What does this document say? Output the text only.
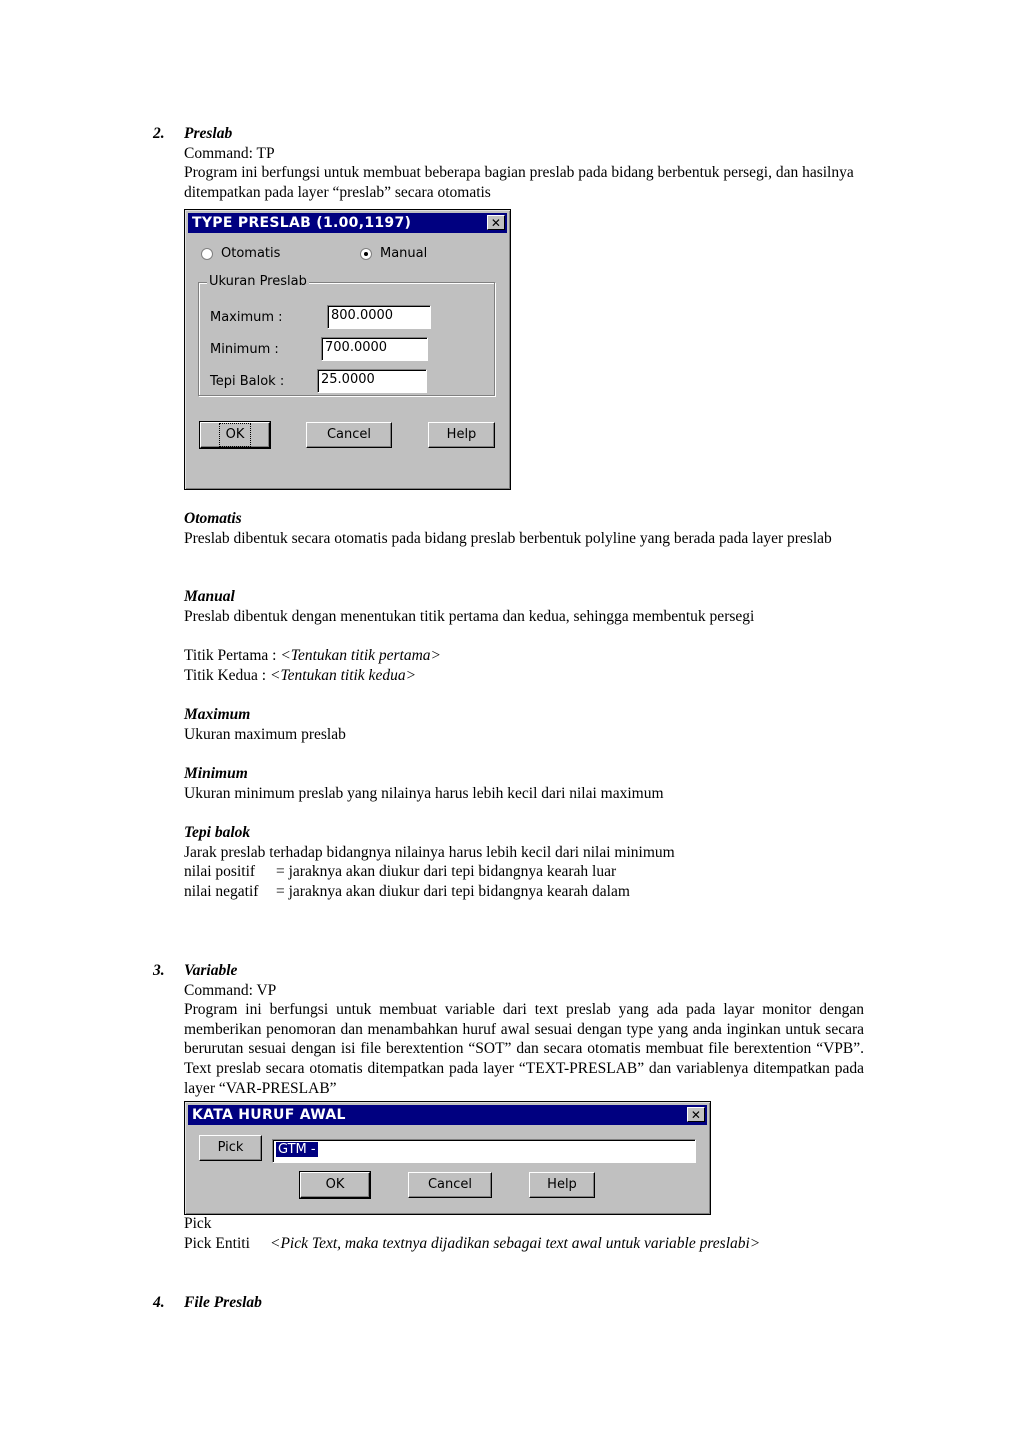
2. Preslab
Command: TP
Program ini berfungsi untuk membuat beberapa bagian preslab pada bidang berbentuk persegi, dan hasilnya ditempatkan pada layer “preslab” secara otomatis
TYPE PRESLAB (1.00,1197)	✕
Otomatis	Manual
Ukuran Preslab
Maximum :	800.0000
Minimum :	700.0000
Tepi Balok :	25.0000
OK	Cancel	Help
Otomatis
Preslab dibentuk secara otomatis pada bidang preslab berbentuk polyline yang berada pada layer preslab
Manual
Preslab dibentuk dengan menentukan titik pertama dan kedua, sehingga membentuk persegi
Titik Pertama : <Tentukan titik pertama>
Titik Kedua : <Tentukan titik kedua>
Maximum
Ukuran maximum preslab
Minimum
Ukuran minimum preslab yang nilainya harus lebih kecil dari nilai maximum
Tepi balok
Jarak preslab terhadap bidangnya nilainya harus lebih kecil dari nilai minimum
nilai positif = jaraknya akan diukur dari tepi bidangnya kearah luar
nilai negatif = jaraknya akan diukur dari tepi bidangnya kearah dalam
3. Variable
Command: VP
Program ini berfungsi untuk membuat variable dari text preslab yang ada pada layar monitor dengan memberikan penomoran dan menambahkan huruf awal sesuai dengan type yang anda inginkan untuk secara berurutan sesuai dengan isi file berextention “SOT” dan secara otomatis membuat file berextention “VPB”. Text preslab secara otomatis ditempatkan pada layer “TEXT-PRESLAB” dan variablenya ditempatkan pada layer “VAR-PRESLAB”
KATA HURUF AWAL	✕
Pick	GTM -
OK	Cancel	Help
Pick
Pick Entiti <Pick Text, maka textnya dijadikan sebagai text awal untuk variable preslabi>
4. File Preslab
